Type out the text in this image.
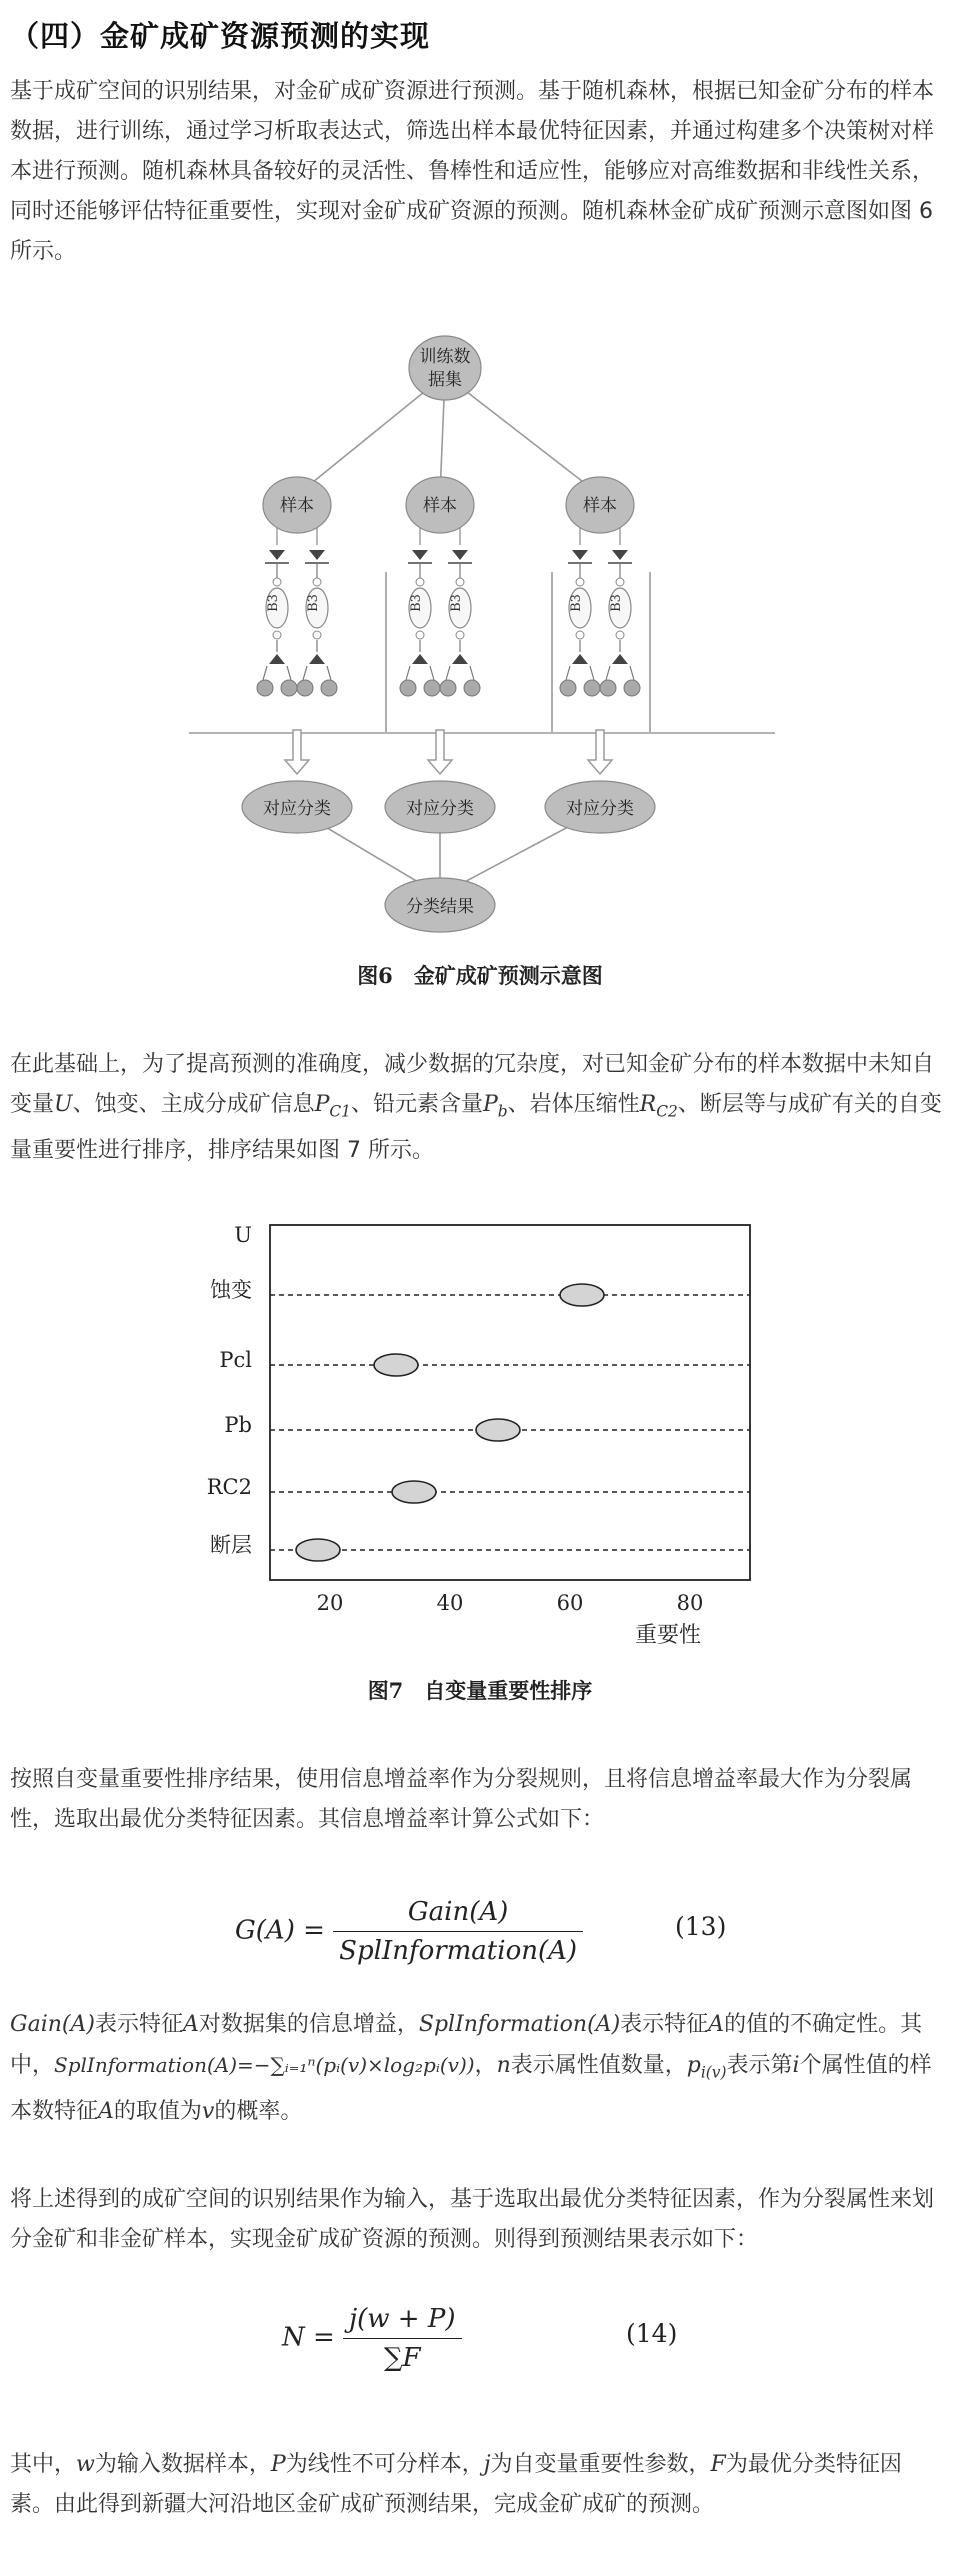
（四）金矿成矿资源预测的实现
基于成矿空间的识别结果，对金矿成矿资源进行预测。基于随机森林，根据已知金矿分布的样本数据，进行训练，通过学习析取表达式，筛选出样本最优特征因素，并通过构建多个决策树对样本进行预测。随机森林具备较好的灵活性、鲁棒性和适应性，能够应对高维数据和非线性关系，同时还能够评估特征重要性，实现对金矿成矿资源的预测。随机森林金矿成矿预测示意图如图 6 所示。
训练数
据集
样本
B3 B3
样本
B3 B3
样本
B3 B3
对应分类	对应分类	对应分类
分类结果
图6　金矿成矿预测示意图
在此基础上，为了提高预测的准确度，减少数据的冗杂度，对已知金矿分布的样本数据中未知自变量U、蚀变、主成分成矿信息$P_{C1}$、铅元素含量$P_b$、岩体压缩性$R_{C2}$、断层等与成矿有关的自变量重要性进行排序，排序结果如图 7 所示。
U
蚀变
Pcl
Pb
RC2
断层
20	40	60	80
重要性
图7　自变量重要性排序
按照自变量重要性排序结果，使用信息增益率作为分裂规则，且将信息增益率最大作为分裂属性，选取出最优分类特征因素。其信息增益率计算公式如下：
$G(A) = \frac{\text{Gain(A)}}{\text{SplInformation(A)}}$	(13)
Gain(A)表示特征A对数据集的信息增益，SplInformation(A)表示特征A的值的不确定性。其中，SplInformation(A)=−∑ᵢ₌₁ⁿ(pᵢ(v)×log₂pᵢ(v))，n表示属性值数量，$p_{i(v)}$表示第i个属性值的样本数特征A的取值为v的概率。
将上述得到的成矿空间的识别结果作为输入，基于选取出最优分类特征因素，作为分裂属性来划分金矿和非金矿样本，实现金矿成矿资源的预测。则得到预测结果表示如下：
$N = \frac{j(w + P)}{\sum F}$	(14)
其中，w为输入数据样本，P为线性不可分样本，j为自变量重要性参数，F为最优分类特征因素。由此得到新疆大河沿地区金矿成矿预测结果，完成金矿成矿的预测。
